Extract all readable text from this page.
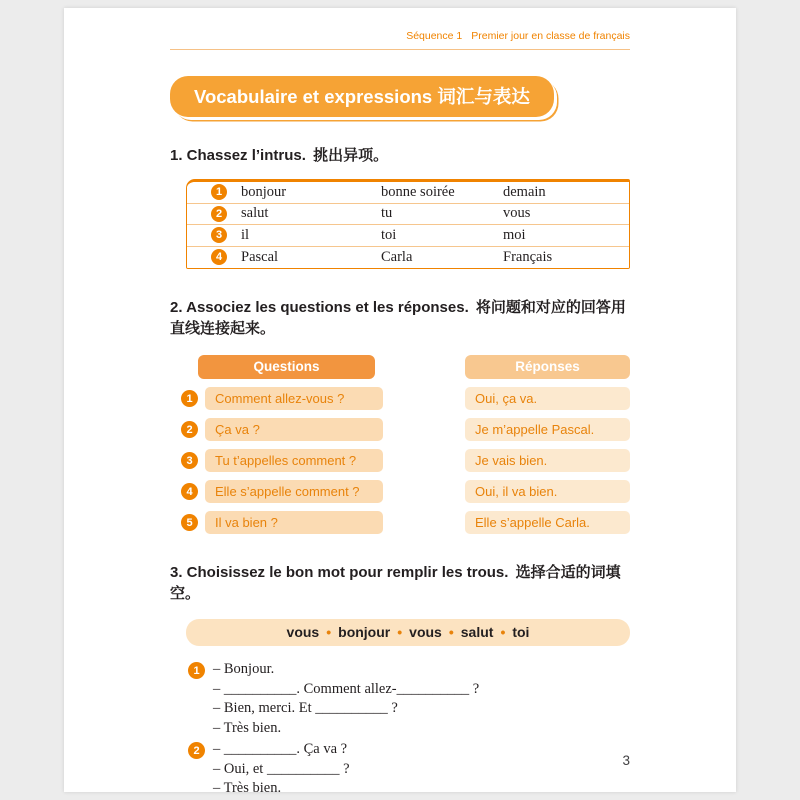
Séquence 1 Premier jour en classe de français
Vocabulaire et expressions 词汇与表达
1. Chassez l’intrus. 挑出异项。
1	bonjour	bonne soirée	demain
2	salut	tu	vous
3	il	toi	moi
4	Pascal	Carla	Français
2. Associez les questions et les réponses. 将问题和对应的回答用直线连接起来。
Questions	Réponses
1	Comment allez-vous ?	Oui, ça va.
2	Ça va ?	Je m’appelle Pascal.
3	Tu t’appelles comment ?	Je vais bien.
4	Elle s’appelle comment ?	Oui, il va bien.
5	Il va bien ?	Elle s’appelle Carla.
3. Choisissez le bon mot pour remplir les trous. 选择合适的词填空。
vous • bonjour • vous • salut • toi
1 – Bonjour.
– __________. Comment allez-__________ ?
– Bien, merci. Et __________ ?
– Très bien.
2 – __________. Ça va ?
– Oui, et __________ ?
– Très bien.
3
